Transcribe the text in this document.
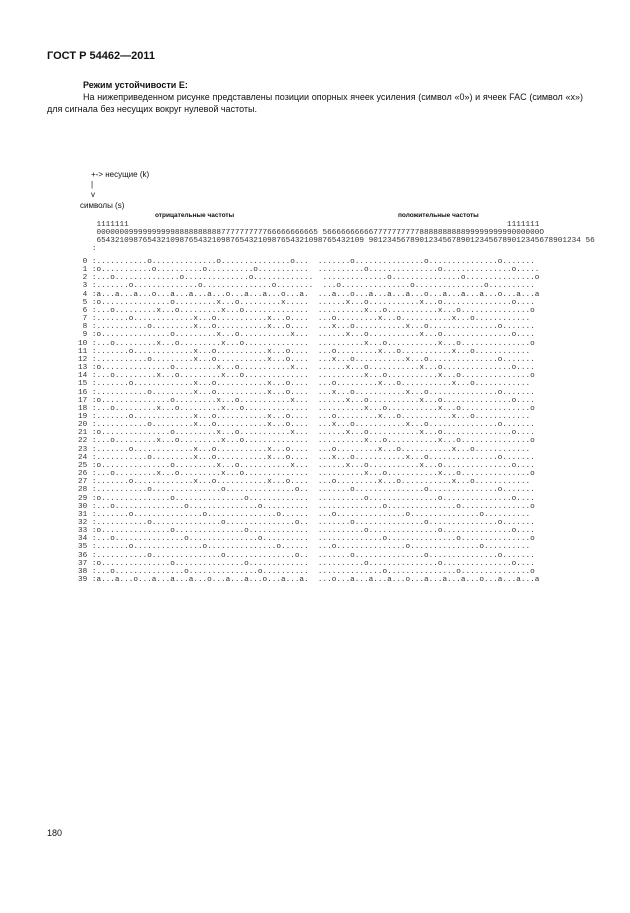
ГОСТ Р 54462—2011
Режим устойчивости E:
На нижеприведенном рисунке представлены позиции опорных ячеек усиления (символ «0») и ячеек FAC (символ «x») для сигнала без несущих вокруг нулевой частоты.
+-> несущие (k)
|
v
символы (s)
отрицательные частоты	положительные частоты
1111111                                                                                  1111111
000000099999999998888888888777777777766666666665 56666666666777777777788888888889999999999000000O
6543210987654321098765432109876543210987654321098765432109 9012345678901234567890123456789012345678901234 56
:
0 :...........o..............o...............o...  .......o...............o...............o.......
1 :o...........o..........o..........o...........  ..........o...............o...............o.....
2 :...o..............o..............o.............  ..............o...............o...............o
3 :.......o..............o...............o........  ...o...............o...............o..........
4 :a...a...a...o...a...a...a...o...a...a...o...a.  ...a...o...a...a...a...o...a...a...a...o...a...a
5 :o...............o.........x...o.........x.....  ......x...o...........x...o...............o....
6 :...o.........x...o.........x...o..............  ..........x...o...........x...o...............o
7 :.......o.............x...o...........x...o....  ...o.........x...o...........x...o............
8 :...........o.........x...o...........x...o....  ...x...o...........x...o...............o.......
9 :o...............o.........x...o...........x...  ......x...o...........x...o...............o....
10 :...o.........x...o.........x...o..............  ..........x...o...........x...o...............o
11 :.......o.............x...o...........x...o....  ...o.........x...o...........x...o............
12 :...........o.........x...o...........x...o....  ...x...o...........x...o...............o.......
13 :o...............o.........x...o...........x...  ......x...o...........x...o...............o....
14 :...o.........x...o.........x...o..............  ..........x...o...........x...o...............o
15 :.......o.............x...o...........x...o....  ...o.........x...o...........x...o............
16 :...........o.........x...o...........x...o....  ...x...o...........x...o...............o.......
17 :o...............o.........x...o...........x...  ......x...o...........x...o...............o....
18 :...o.........x...o.........x...o..............  ..........x...o...........x...o...............o
19 :.......o.............x...o...........x...o....  ...o.........x...o...........x...o............
20 :...........o.........x...o...........x...o....  ...x...o...........x...o...............o.......
21 :o...............o.........x...o...........x...  ......x...o...........x...o...............o....
22 :...o.........x...o.........x...o..............  ..........x...o...........x...o...............o
23 :.......o.............x...o...........x...o....  ...o.........x...o...........x...o............
24 :...........o.........x...o...........x...o....  ...x...o...........x...o...............o.......
25 :o...............o.........x...o...........x...  ......x...o...........x...o...............o....
26 :...o.........x...o.........x...o..............  ..........x...o...........x...o...............o
27 :.......o.............x...o...........x...o....  ...o.........x...o...........x...o............
28 :...........o...............o...............o..  .......o...............o...............o.......
29 :o...............o...............o.............  ..........o...............o...............o....
30 :...o...............o...............o..........  ..............o...............o...............o
31 :.......o...............o...............o......  ...o...............o...............o..........
32 :...........o...............o...............o..  .......o...............o...............o.......
33 :o...............o...............o.............  ..........o...............o...............o....
34 :...o...............o...............o..........  ..............o...............o...............o
35 :.......o...............o...............o......  ...o...............o...............o..........
36 :...........o...............o...............o..  .......o...............o...............o.......
37 :o...............o...............o.............  ..........o...............o...............o....
38 :...o...............o...............o..........  ..............o...............o...............o
39 :a...a...o...a...a...a...o...a...a...o...a...a.  ...o...a...a...a...o...a...a...a...o...a...a...a

180
